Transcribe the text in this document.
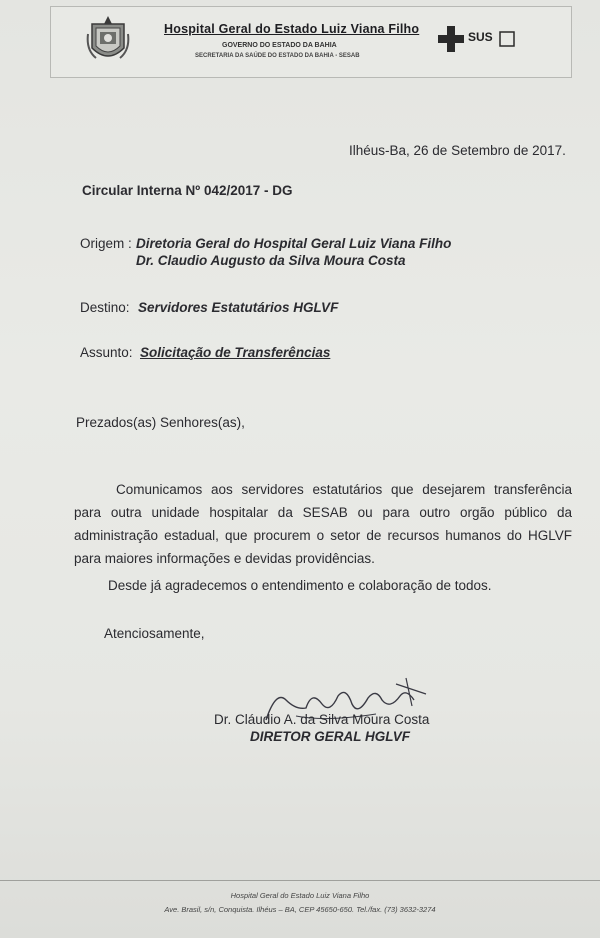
Hospital Geral do Estado Luiz Viana Filho
GOVERNO DO ESTADO DA BAHIA
SECRETARIA DA SAÚDE DO ESTADO DA BAHIA - SESAB
SUS
Ilhéus-Ba, 26 de Setembro de 2017.
Circular Interna Nº 042/2017 - DG
Origem : Diretoria Geral do Hospital Geral Luiz Viana Filho
Dr. Claudio Augusto da Silva Moura Costa
Destino: Servidores Estatutários HGLVF
Assunto: Solicitação de Transferências
Prezados(as) Senhores(as),
Comunicamos aos servidores estatutários que desejarem transferência para outra unidade hospitalar da SESAB ou para outro orgão público da administração estadual, que procurem o setor de recursos humanos do HGLVF para maiores informações e devidas providências.
Desde já agradecemos o entendimento e colaboração de todos.
Atenciosamente,
Dr. Cláudio A. da Silva Moura Costa
DIRETOR GERAL HGLVF
Hospital Geral do Estado Luiz Viana Filho
Ave. Brasil, s/n, Conquista. Ilhéus – BA, CEP 45650-650. Tel./fax. (73) 3632-3274
